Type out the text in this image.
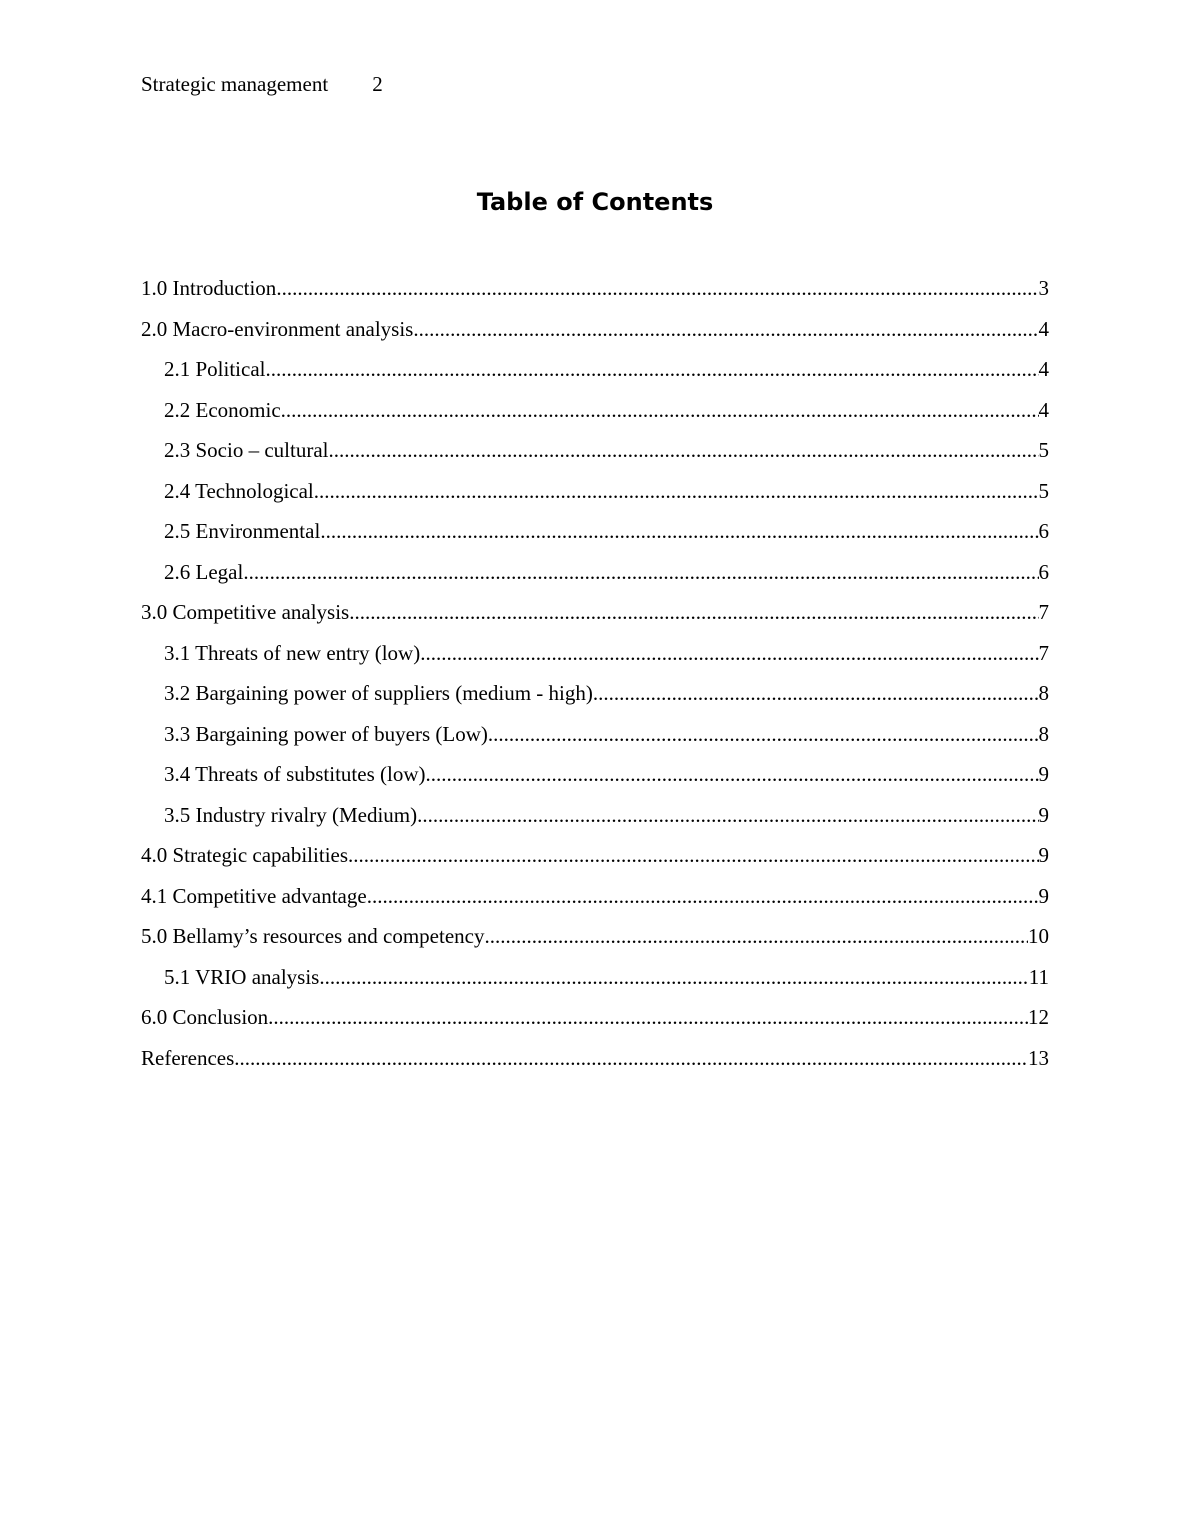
Strategic management 2
Table of Contents
1.0 Introduction .....	3
2.0 Macro-environment analysis .....	4
2.1 Political .....	4
2.2 Economic .....	4
2.3 Socio – cultural .....	5
2.4 Technological .....	5
2.5 Environmental .....	6
2.6 Legal .....	6
3.0 Competitive analysis .....	7
3.1 Threats of new entry (low) .....	7
3.2 Bargaining power of suppliers (medium - high) .....	8
3.3 Bargaining power of buyers (Low) .....	8
3.4 Threats of substitutes (low) .....	9
3.5 Industry rivalry (Medium) .....	9
4.0 Strategic capabilities .....	9
4.1 Competitive advantage .....	9
5.0 Bellamy’s resources and competency .....	10
5.1 VRIO analysis .....	11
6.0 Conclusion .....	12
References .....	13
